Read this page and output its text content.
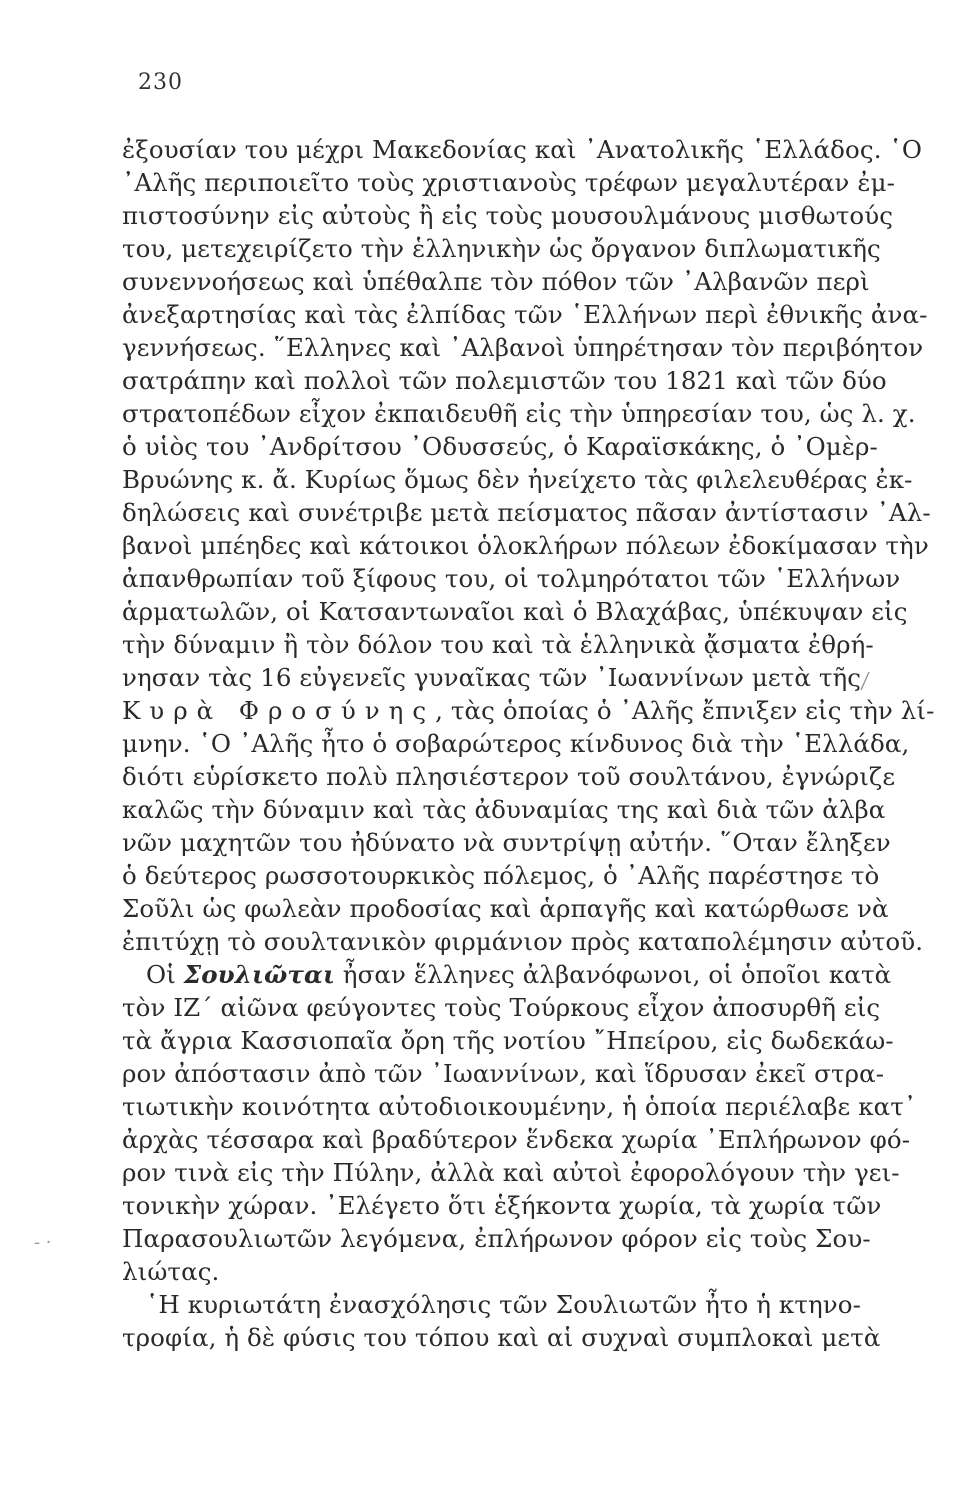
230
ἐξουσίαν του μέχρι Μακεδονίας καὶ ᾿Ανατολικῆς ῾Ελλάδος. ῾Ο
᾿Αλῆς περιποιεῖτο τοὺς χριστιανοὺς τρέφων μεγαλυτέραν ἐμ-
πιστοσύνην εἰς αὐτοὺς ἢ εἰς τοὺς μουσουλμάνους μισθωτούς
του, μετεχειρίζετο τὴν ἑλληνικὴν ὡς ὄργανον διπλωματικῆς
συνεννοήσεως καὶ ὑπέθαλπε τὸν πόθον τῶν ᾿Αλβανῶν περὶ
ἀνεξαρτησίας καὶ τὰς ἐλπίδας τῶν ῾Ελλήνων περὶ ἐθνικῆς ἀνα-
γεννήσεως. ῞Ελληνες καὶ ᾿Αλβανοὶ ὑπηρέτησαν τὸν περιβόητον
σατράπην καὶ πολλοὶ τῶν πολεμιστῶν του 1821 καὶ τῶν δύο
στρατοπέδων εἶχον ἐκπαιδευθῆ εἰς τὴν ὑπηρεσίαν του, ὡς λ. χ.
ὁ υἱὸς του ᾿Ανδρίτσου ᾿Οδυσσεύς, ὁ Καραϊσκάκης, ὁ ᾿Ομὲρ-
Βρυώνης κ. ἄ. Κυρίως ὅμως δὲν ἠνείχετο τὰς φιλελευθέρας ἐκ-
δηλώσεις καὶ συνέτριβε μετὰ πείσματος πᾶσαν ἀντίστασιν ᾿Αλ-
βανοὶ μπέηδες καὶ κάτοικοι ὁλοκλήρων πόλεων ἐδοκίμασαν τὴν
ἀπανθρωπίαν τοῦ ξίφους του, οἱ τολμηρότατοι τῶν ῾Ελλήνων
ἁρματωλῶν, οἱ Κατσαντωναῖοι καὶ ὁ Βλαχάβας, ὑπέκυψαν εἰς
τὴν δύναμιν ἢ τὸν δόλον του καὶ τὰ ἑλληνικὰ ᾄσματα ἐθρή-
νησαν τὰς 16 εὐγενεῖς γυναῖκας τῶν ᾿Ιωαννίνων μετὰ τῆς
Κυρὰ Φροσύνης, τὰς ὁποίας ὁ ᾿Αλῆς ἔπνιξεν εἰς τὴν λί-
μνην. ῾Ο ᾿Αλῆς ἦτο ὁ σοβαρώτερος κίνδυνος διὰ τὴν ῾Ελλάδα,
διότι εὑρίσκετο πολὺ πλησιέστερον τοῦ σουλτάνου, ἐγνώριζε
καλῶς τὴν δύναμιν καὶ τὰς ἀδυναμίας της καὶ διὰ τῶν ἀλβα
νῶν μαχητῶν του ἠδύνατο νὰ συντρίψῃ αὐτήν. ῞Οταν ἔληξεν
ὁ δεύτερος ρωσσοτουρκικὸς πόλεμος, ὁ ᾿Αλῆς παρέστησε τὸ
Σοῦλι ὡς φωλεὰν προδοσίας καὶ ἁρπαγῆς καὶ κατώρθωσε νὰ
ἐπιτύχῃ τὸ σουλτανικὸν φιρμάνιον πρὸς καταπολέμησιν αὐτοῦ.
Οἱ Σουλιῶται ἦσαν ἕλληνες ἀλβανόφωνοι, οἱ ὁποῖοι κατὰ
τὸν ΙΖ΄ αἰῶνα φεύγοντες τοὺς Τούρκους εἶχον ἀποσυρθῆ εἰς
τὰ ἄγρια Κασσιοπαῖα ὄρη τῆς νοτίου ῎Ηπείρου, εἰς δωδεκάω-
ρον ἀπόστασιν ἀπὸ τῶν ᾿Ιωαννίνων, καὶ ἵδρυσαν ἐκεῖ στρα-
τιωτικὴν κοινότητα αὐτοδιοικουμένην, ἡ ὁποία περιέλαβε κατ᾿
ἀρχὰς τέσσαρα καὶ βραδύτερον ἕνδεκα χωρία ᾿Επλήρωνον φό-
ρον τινὰ εἰς τὴν Πύλην, ἀλλὰ καὶ αὐτοὶ ἐφορολόγουν τὴν γει-
τονικὴν χώραν. ᾿Ελέγετο ὅτι ἑξήκοντα χωρία, τὰ χωρία τῶν
Παρασουλιωτῶν λεγόμενα, ἐπλήρωνον φόρον εἰς τοὺς Σου-
λιώτας.
῾Η κυριωτάτη ἐνασχόλησις τῶν Σουλιωτῶν ἦτο ἡ κτηνο-
τροφία, ἡ δὲ φύσις του τόπου καὶ αἱ συχναὶ συμπλοκαὶ μετὰ
- ·
